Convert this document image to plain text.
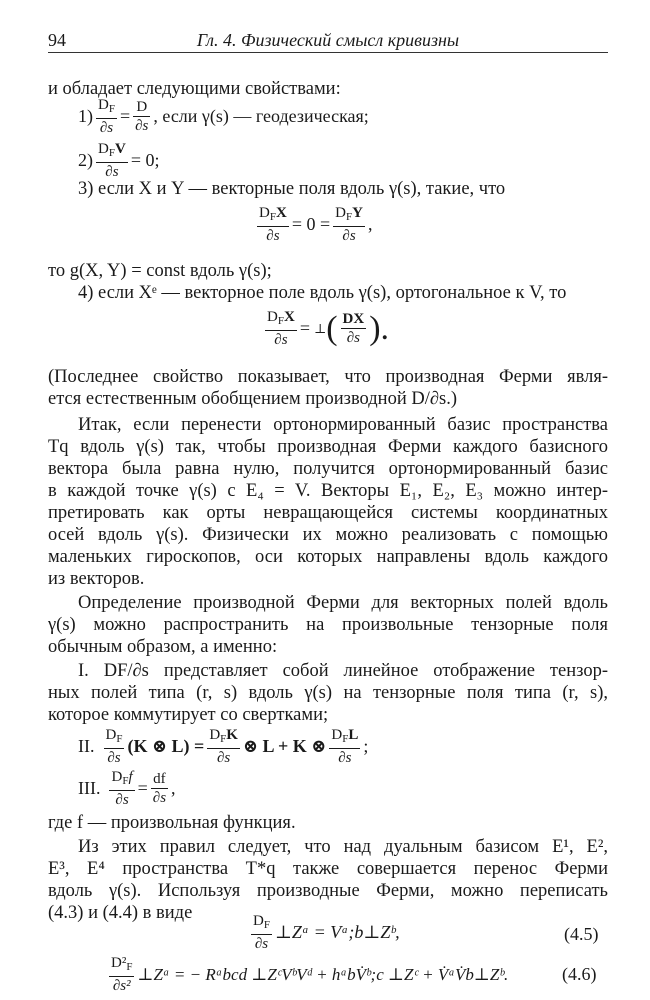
94	Гл. 4. Физический смысл кривизны
и обладает следующими свойствами:
$1) \frac{D_F}{\partial s} = \frac{D}{\partial s}$ , если γ(s) — геодезическая;
$2) \frac{D_FV}{\partial s} = 0$;
3) если X и Y — векторные поля вдоль γ(s), такие, что
$\frac{D_FX}{\partial s} = 0 = \frac{D_FY}{\partial s}$ ,
то g(X, Y) = const вдоль γ(s);
4) если Xᵉ — векторное поле вдоль γ(s), ортогональное к V, то
$\frac{D_FX}{\partial s}$ = ⊥ ( $\frac{DX}{\partial s}$ ).
(Последнее свойство показывает, что производная Ферми явля-
ется естественным обобщением производной D/∂s.)
Итак, если перенести ортонормированный базис пространства
Tq вдоль γ(s) так, чтобы производная Ферми каждого базисного
вектора была равна нулю, получится ортонормированный базис
в каждой точке γ(s) с E₄ = V. Векторы E₁, E₂, E₃ можно интер-
претировать как орты невращающейся системы координатных
осей вдоль γ(s). Физически их можно реализовать с помощью
маленьких гироскопов, оси которых направлены вдоль каждого
из векторов.
Определение производной Ферми для векторных полей вдоль
γ(s) можно распространить на произвольные тензорные поля
обычным образом, а именно:
I. DF/∂s представляет собой линейное отображение тензор-
ных полей типа (r, s) вдоль γ(s) на тензорные поля типа (r, s),
которое коммутирует со свертками;
II. $\frac{D_F}{\partial s} (K$ ⊗ $L) = \frac{D_FK}{\partial s}$ ⊗ L + K ⊗ $\frac{D_FL}{\partial s}$ ;
III. $\frac{D_Ff}{\partial s} = \frac{df}{\partial s}$ ,
где f — произвольная функция.
Из этих правил следует, что над дуальным базисом E¹, E²,
E³, E⁴ пространства T*q также совершается перенос Ферми
вдоль γ(s). Используя производные Ферми, можно переписать
(4.3) и (4.4) в виде	$\frac{D_F}{\partial s}$ ⊥Zᵃ = Vᵃ;b⊥Zᵇ,	(4.5)
$\frac{D^2_F}{\text{∂s²}}$ ⊥Zᵃ = − Rᵃbcd ⊥ZᶜVᵇVᵈ + hᵃbV̇ᵇ;c ⊥Zᶜ + V̇ᵃV̇b⊥Zᵇ.	(4.6)
